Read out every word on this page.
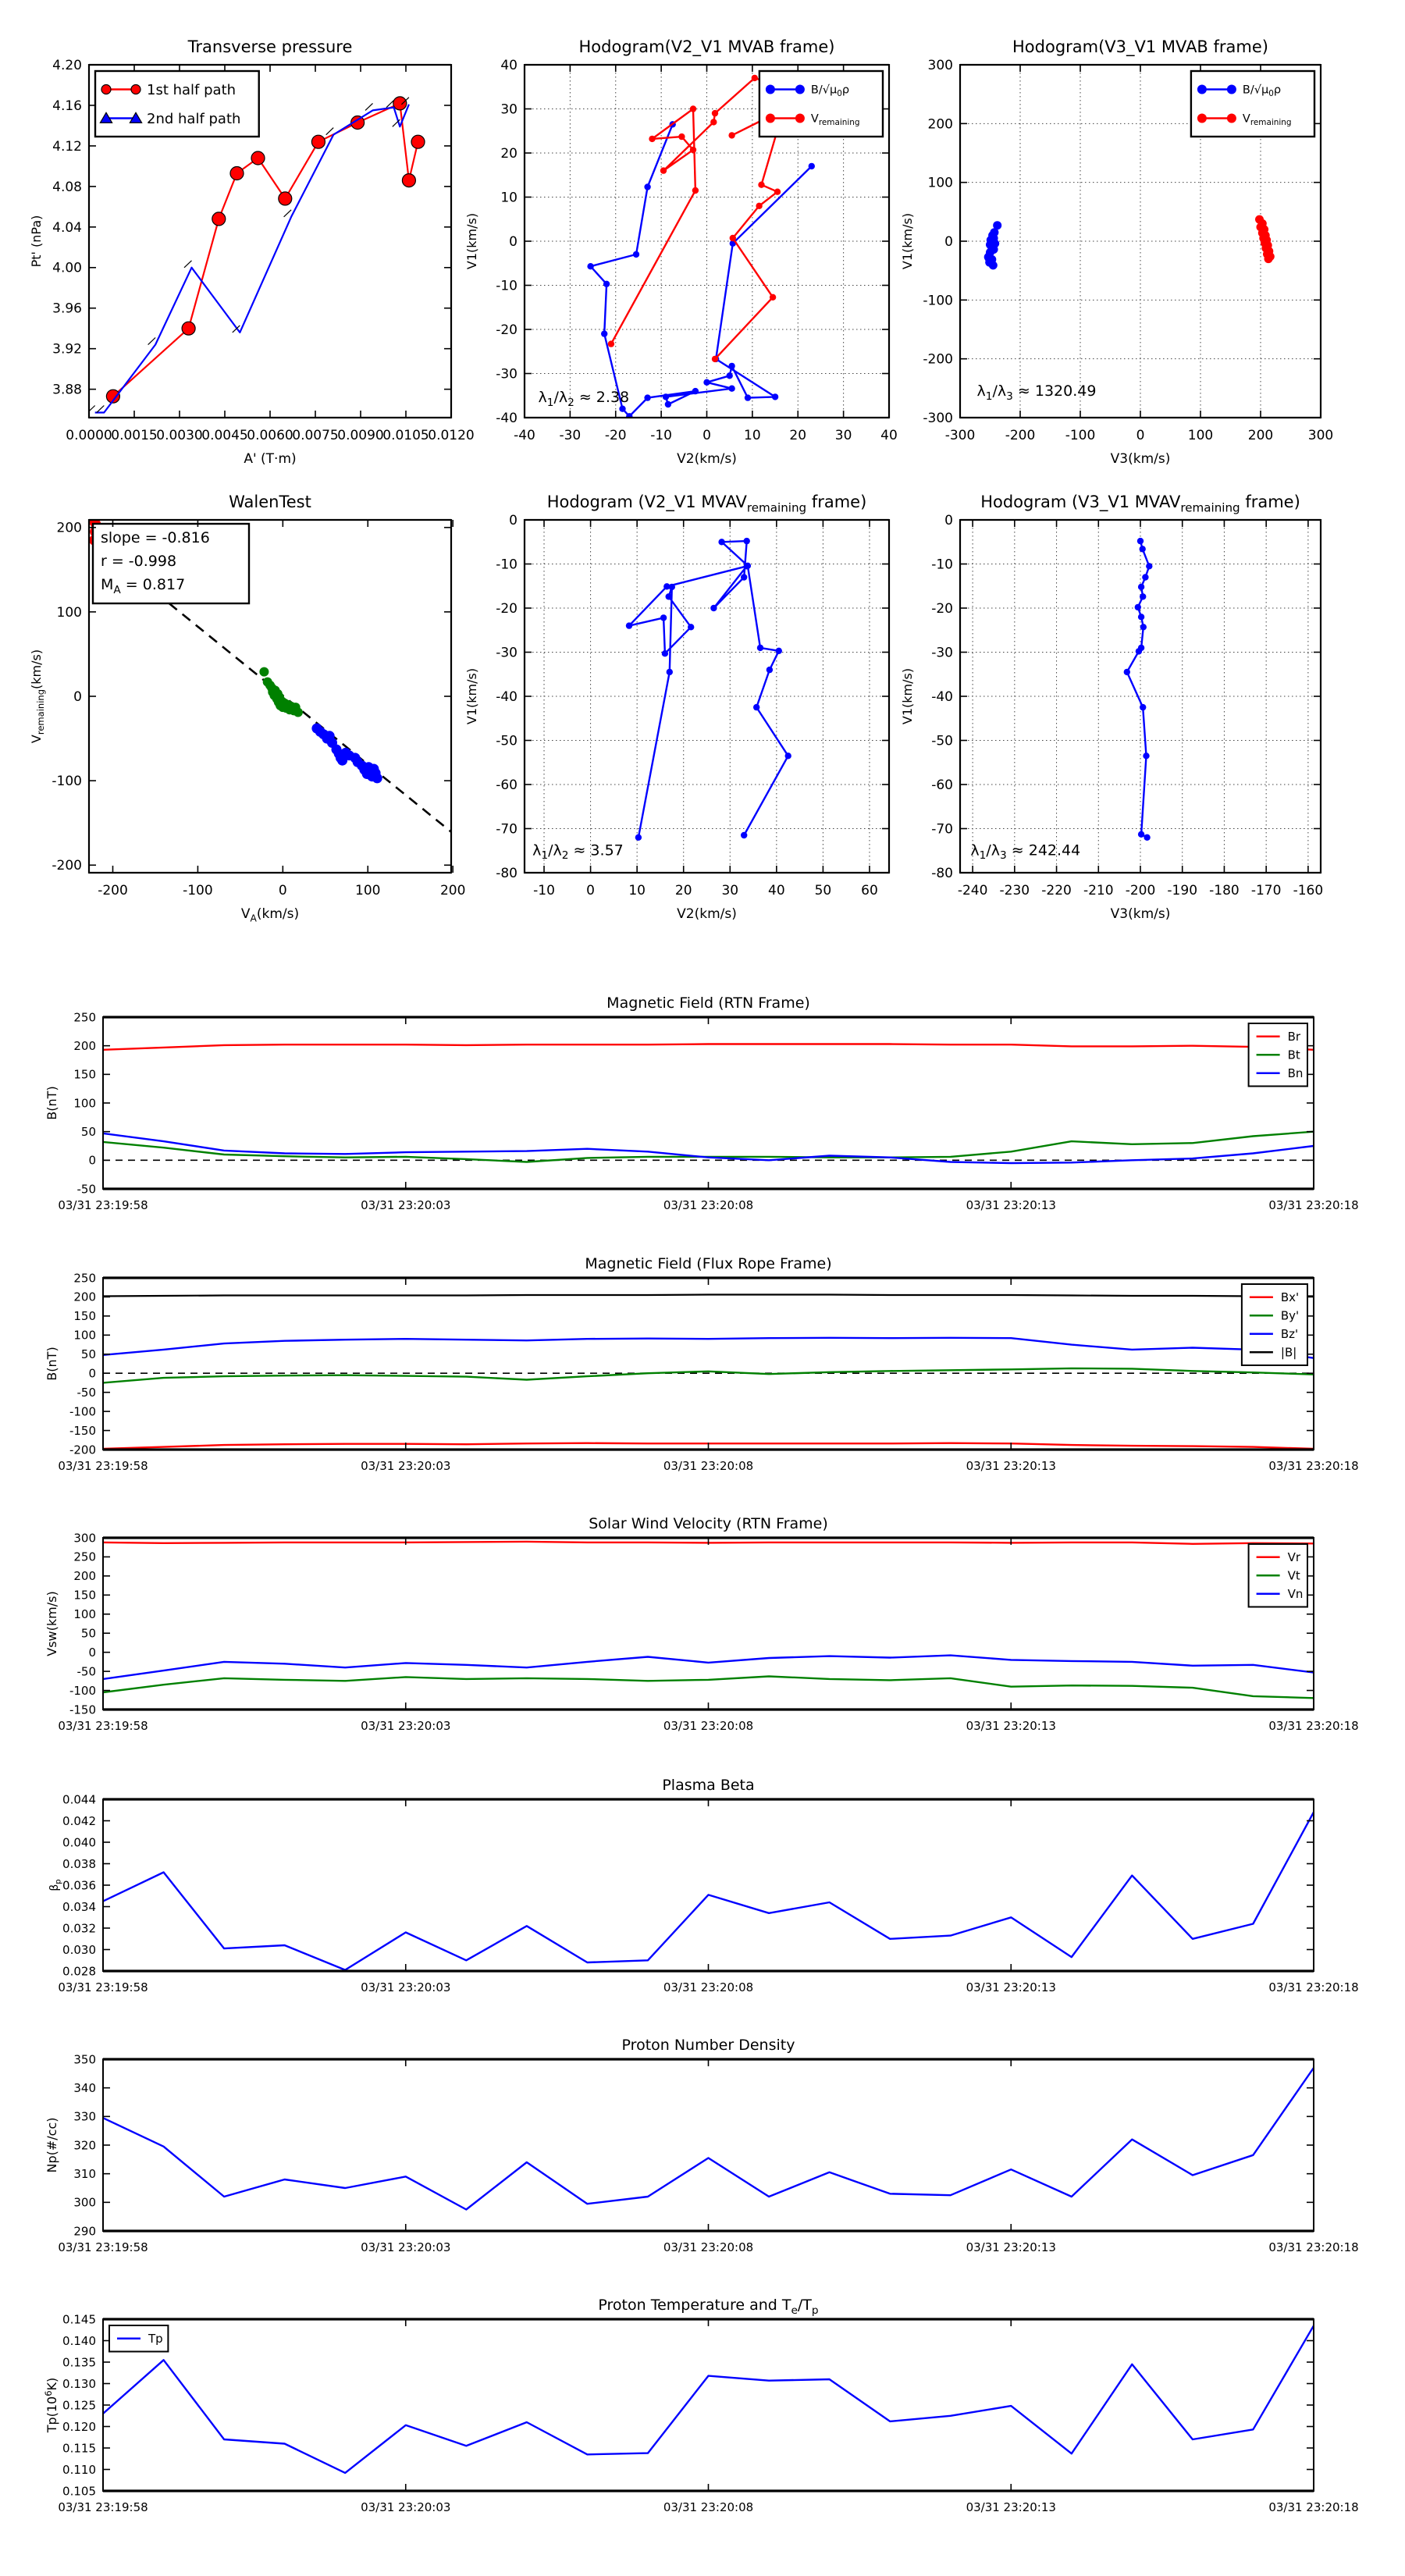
1st half path
2nd half path
0.0000
0.0015
0.0030
0.0045
0.0060
0.0075
0.0090
0.0105
0.0120
3.88
3.92
3.96
4.00
4.04
4.08
4.12
4.16
4.20
Transverse pressure
A' (T·m)
Pt' (nPa)
$\lambda_1/\lambda_2 \approx 2.38$
$B/√\mu_0\rho$
$V_{remaining}$
-40 -30 -20 -10 0 10 20 30 40
-40
-30
-20
-10
0
10
20
30
40
Hodogram(V2_V1 MVAB frame)
V2(km/s)
V1(km/s)
$\lambda_1/\lambda_3 \approx 1320.49$
$B/√\mu_0\rho$
$V_{remaining}$
-300 -200 -100	0	100	200	300
-300
-200
-100
0
100
200
300
Hodogram(V3_V1 MVAB frame)
V3(km/s)
V1(km/s)
slope = -0.816
r = -0.998
$M_A = 0.817$
-200	-100	0	100	200
-200
-100
0
100
200
WalenTest
$V_A(km/s)$
$V_{remaining}(km/s)$
$\lambda_1/\lambda_2 \approx 3.57$
-10 0	10 20 30 40 50 60
-80
-70
-60
-50
-40
-30
-20
-10
0
Hodogram (V2_V1 $MVAV_{remaining}$ frame)
V2(km/s)
V1(km/s)
$\lambda_1/\lambda_3 \approx 242.44$
-240 -230 -220 -210 -200 -190 -180 -170 -160
-80
-70
-60
-50
-40
-30
-20
-10
0
Hodogram (V3_V1 $MVAV_{remaining}$ frame)
V3(km/s)
V1(km/s)
Br
Bt
Bn
03/31 23:19:58	03/31 23:20:03	03/31 23:20:08	03/31 23:20:13	03/31 23:20:18
-50
0
50
100
150
200
250
Magnetic Field (RTN Frame)
B(nT)
Bx'
By'
Bz'
|B|
03/31 23:19:58	03/31 23:20:03	03/31 23:20:08	03/31 23:20:13	03/31 23:20:18
-200
-150
-100
-50
0
50
100
150
200
250
Magnetic Field (Flux Rope Frame)
B(nT)
Vr
Vt
Vn
03/31 23:19:58	03/31 23:20:03	03/31 23:20:08	03/31 23:20:13	03/31 23:20:18
-150
-100
-50
0
50
100
150
200
250
300
Solar Wind Velocity (RTN Frame)
Vsw(km/s)
03/31 23:19:58	03/31 23:20:03	03/31 23:20:08	03/31 23:20:13	03/31 23:20:18
0.028
0.030
0.032
0.034
0.036
0.038
0.040
0.042
0.044
Plasma Beta
$\beta_p$
03/31 23:19:58	03/31 23:20:03	03/31 23:20:08	03/31 23:20:13	03/31 23:20:18
290
300
310
320
330
340
350
Proton Number Density
Np(#/cc)
Tp
03/31 23:19:58	03/31 23:20:03	03/31 23:20:08	03/31 23:20:13	03/31 23:20:18
0.105
0.110
0.115
0.120
0.125
0.130
0.135
0.140
0.145
Proton Temperature and $T_e/T_p$
$Tp(10^6K)$
